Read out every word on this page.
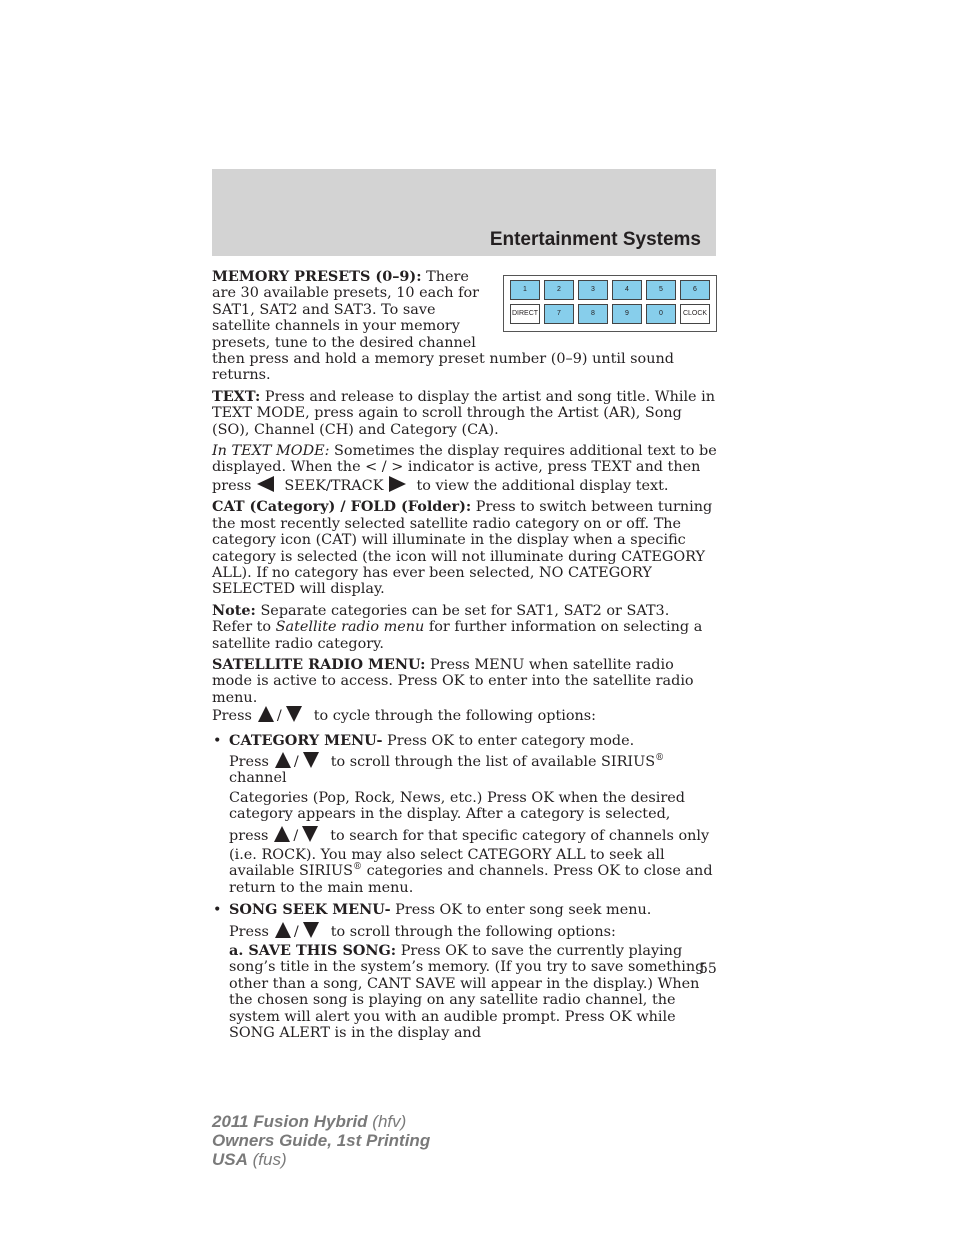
Entertainment Systems
1	2	3	4	5	6
DIRECT	7	8	9	0	CLOCK

MEMORY PRESETS (0–9): There are 30 available presets, 10 each for SAT1, SAT2 and SAT3. To save satellite channels in your memory presets, tune to the desired channel then press and hold a memory preset number (0–9) until sound returns.

TEXT: Press and release to display the artist and song title. While in TEXT MODE, press again to scroll through the Artist (AR), Song (SO), Channel (CH) and Category (CA).

In TEXT MODE: Sometimes the display requires additional text to be displayed. When the < / > indicator is active, press TEXT and then
press SEEK/TRACK to view the additional display text.

CAT (Category) / FOLD (Folder): Press to switch between turning the most recently selected satellite radio category on or off. The category icon (CAT) will illuminate in the display when a specific category is selected (the icon will not illuminate during CATEGORY ALL). If no category has ever been selected, NO CATEGORY SELECTED will display.

Note: Separate categories can be set for SAT1, SAT2 or SAT3.
Refer to Satellite radio menu for further information on selecting a satellite radio category.

SATELLITE RADIO MENU: Press MENU when satellite radio mode is active to access. Press OK to enter into the satellite radio menu.
Press / to cycle through the following options:

• CATEGORY MENU- Press OK to enter category mode.
Press / to scroll through the list of available SIRIUS® channel
Categories (Pop, Rock, News, etc.) Press OK when the desired category appears in the display. After a category is selected,
press / to search for that specific category of channels only
(i.e. ROCK). You may also select CATEGORY ALL to seek all available SIRIUS® categories and channels. Press OK to close and return to the main menu.
• SONG SEEK MENU- Press OK to enter song seek menu.
Press / to scroll through the following options:
a. SAVE THIS SONG: Press OK to save the currently playing song’s title in the system’s memory. (If you try to save something other than a song, CANT SAVE will appear in the display.) When the chosen song is playing on any satellite radio channel, the system will alert you with an audible prompt. Press OK while SONG ALERT is in the display and
55
2011 Fusion Hybrid (hfv)
Owners Guide, 1st Printing
USA (fus)
